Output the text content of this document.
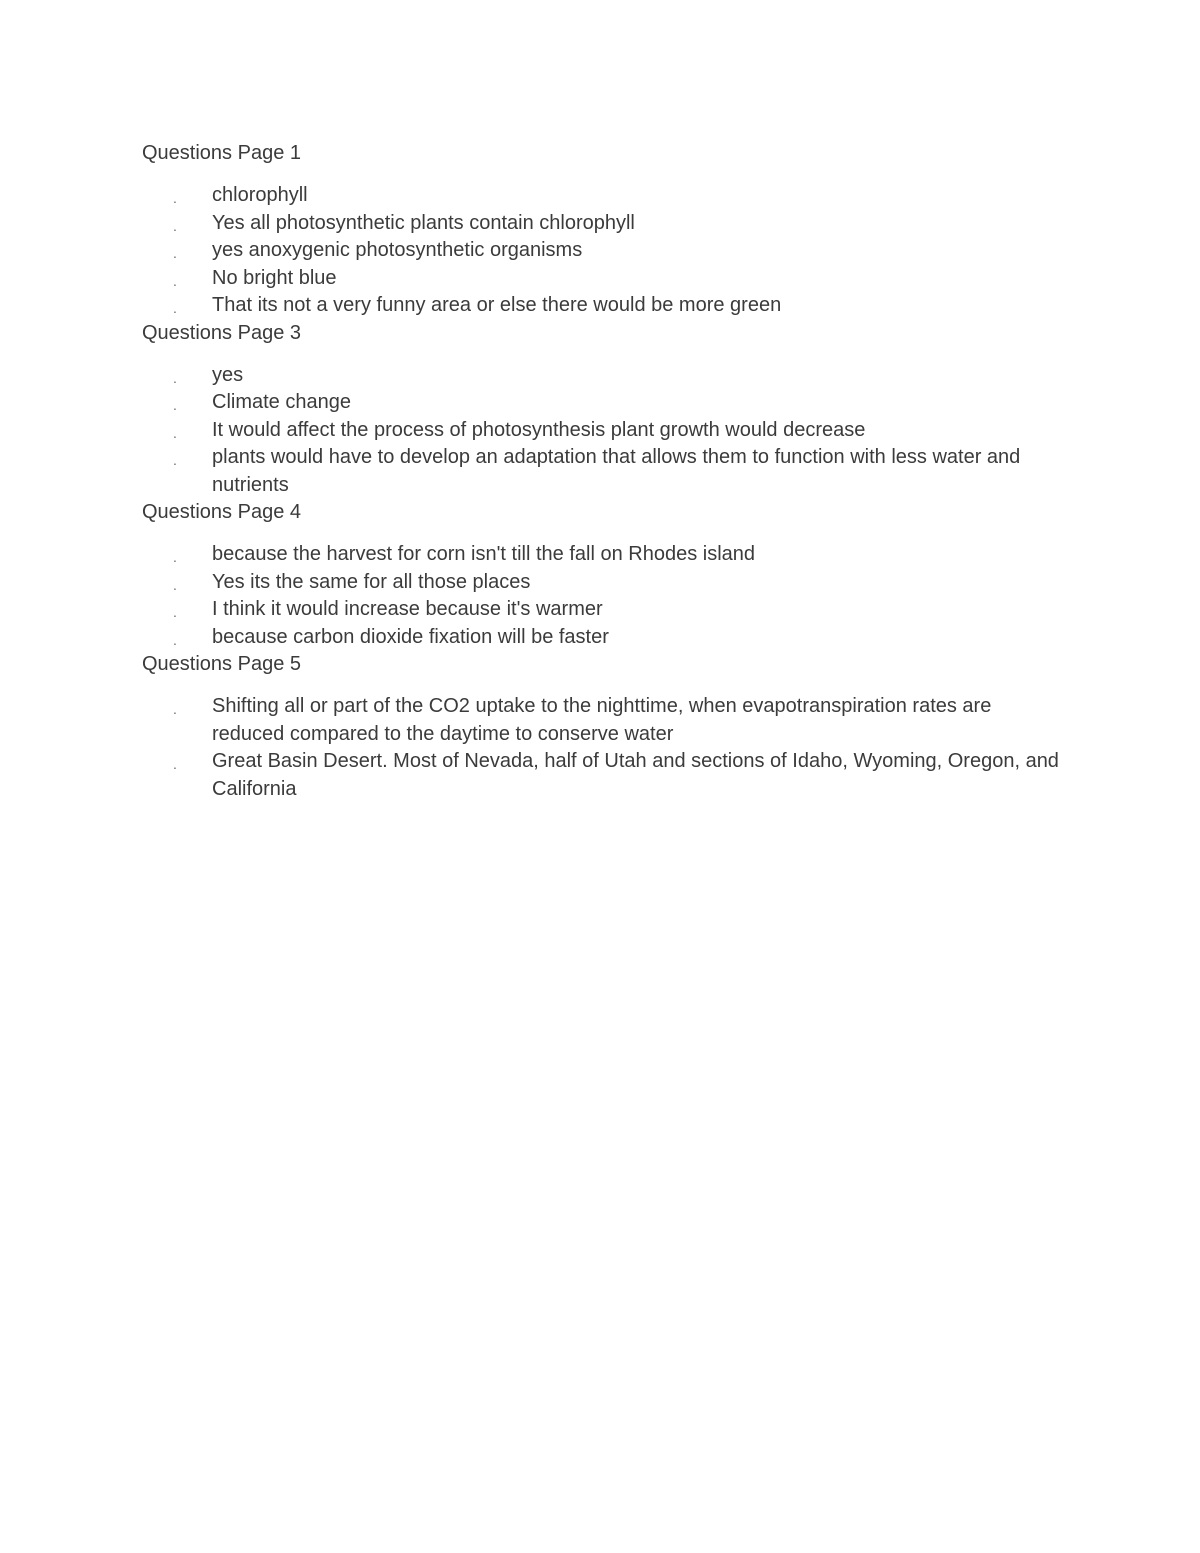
Questions Page 1
. chlorophyll
. Yes all photosynthetic plants contain chlorophyll
. yes anoxygenic photosynthetic organisms
. No bright blue
. That its not a very funny area or else there would be more green
Questions Page 3
. yes
. Climate change
. It would affect the process of photosynthesis plant growth would decrease
. plants would have to develop an adaptation that allows them to function with less water and nutrients
Questions Page 4
. because the harvest for corn isn't till the fall on Rhodes island
. Yes its the same for all those places
. I think it would increase because it's warmer
. because carbon dioxide fixation will be faster
Questions Page 5
. Shifting all or part of the CO2 uptake to the nighttime, when evapotranspiration rates are reduced compared to the daytime to conserve water
. Great Basin Desert. Most of Nevada, half of Utah and sections of Idaho, Wyoming, Oregon, and California
